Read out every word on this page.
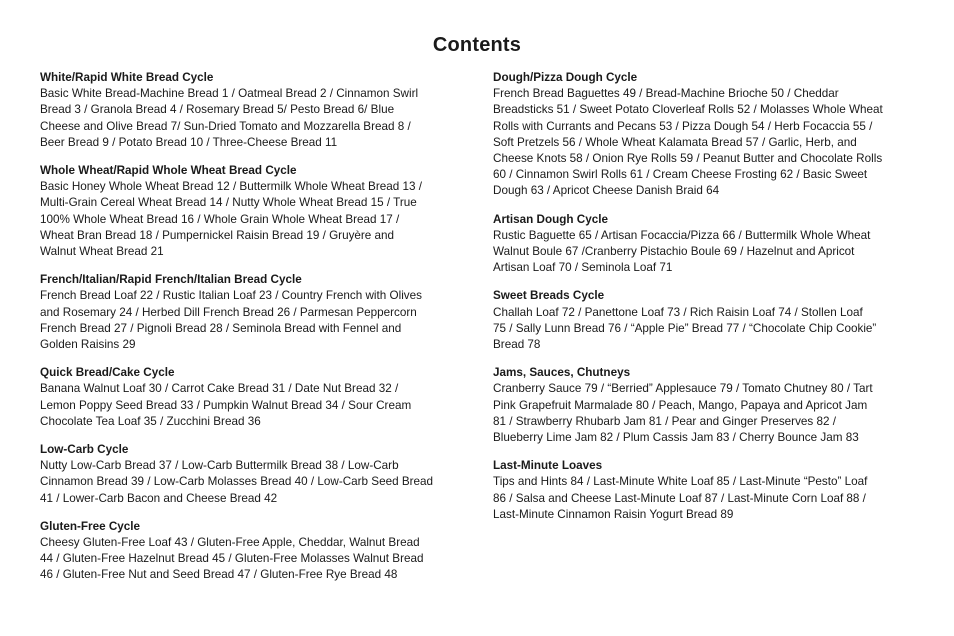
Contents

White/Rapid White Bread Cycle

Basic White Bread-Machine Bread 1 / Oatmeal Bread 2 / Cinnamon Swirl
Bread 3 / Granola Bread 4 / Rosemary Bread 5/ Pesto Bread 6/ Blue
Cheese and Olive Bread 7/ Sun-Dried Tomato and Mozzarella Bread 8 /
Beer Bread 9 / Potato Bread 10 / Three-Cheese Bread 11

Whole Wheat/Rapid Whole Wheat Bread Cycle

Basic Honey Whole Wheat Bread 12 / Buttermilk Whole Wheat Bread 13 /
Multi-Grain Cereal Wheat Bread 14 / Nutty Whole Wheat Bread 15 / True
100% Whole Wheat Bread 16 / Whole Grain Whole Wheat Bread 17 /
Wheat Bran Bread 18 / Pumpernickel Raisin Bread 19 / Gruyère and
Walnut Wheat Bread 21

French/Italian/Rapid French/Italian Bread Cycle

French Bread Loaf 22 / Rustic Italian Loaf 23 / Country French with Olives
and Rosemary 24 / Herbed Dill French Bread 26 / Parmesan Peppercorn
French Bread 27 / Pignoli Bread 28 / Seminola Bread with Fennel and
Golden Raisins 29

Quick Bread/Cake Cycle

Banana Walnut Loaf 30 / Carrot Cake Bread 31 / Date Nut Bread 32 /
Lemon Poppy Seed Bread 33 / Pumpkin Walnut Bread 34 / Sour Cream
Chocolate Tea Loaf 35 / Zucchini Bread 36

Low-Carb Cycle

Nutty Low-Carb Bread 37 / Low-Carb Buttermilk Bread 38 / Low-Carb
Cinnamon Bread 39 / Low-Carb Molasses Bread 40 / Low-Carb Seed Bread
41 / Lower-Carb Bacon and Cheese Bread 42

Gluten-Free Cycle

Cheesy Gluten-Free Loaf 43 / Gluten-Free Apple, Cheddar, Walnut Bread
44 / Gluten-Free Hazelnut Bread 45 / Gluten-Free Molasses Walnut Bread
46 / Gluten-Free Nut and Seed Bread 47 / Gluten-Free Rye Bread 48

Dough/Pizza Dough Cycle

French Bread Baguettes 49 / Bread-Machine Brioche 50 / Cheddar
Breadsticks 51 / Sweet Potato Cloverleaf Rolls 52 / Molasses Whole Wheat
Rolls with Currants and Pecans 53 / Pizza Dough 54 / Herb Focaccia 55 /
Soft Pretzels 56 / Whole Wheat Kalamata Bread 57 / Garlic, Herb, and
Cheese Knots 58 / Onion Rye Rolls 59 / Peanut Butter and Chocolate Rolls
60 / Cinnamon Swirl Rolls 61 / Cream Cheese Frosting 62 / Basic Sweet
Dough 63 / Apricot Cheese Danish Braid 64

Artisan Dough Cycle

Rustic Baguette 65 / Artisan Focaccia/Pizza 66 / Buttermilk Whole Wheat
Walnut Boule 67 /Cranberry Pistachio Boule 69 / Hazelnut and Apricot
Artisan Loaf 70 / Seminola Loaf 71

Sweet Breads Cycle

Challah Loaf 72 / Panettone Loaf 73 / Rich Raisin Loaf 74 / Stollen Loaf
75 / Sally Lunn Bread 76 / “Apple Pie” Bread 77 / “Chocolate Chip Cookie”
Bread 78

Jams, Sauces, Chutneys

Cranberry Sauce 79 / “Berried” Applesauce 79 / Tomato Chutney 80 / Tart
Pink Grapefruit Marmalade 80 / Peach, Mango, Papaya and Apricot Jam
81 / Strawberry Rhubarb Jam 81 / Pear and Ginger Preserves 82 /
Blueberry Lime Jam 82 / Plum Cassis Jam 83 / Cherry Bounce Jam 83

Last-Minute Loaves

Tips and Hints 84 / Last-Minute White Loaf 85 / Last-Minute “Pesto” Loaf
86 / Salsa and Cheese Last-Minute Loaf 87 / Last-Minute Corn Loaf 88 /
Last-Minute Cinnamon Raisin Yogurt Bread 89
